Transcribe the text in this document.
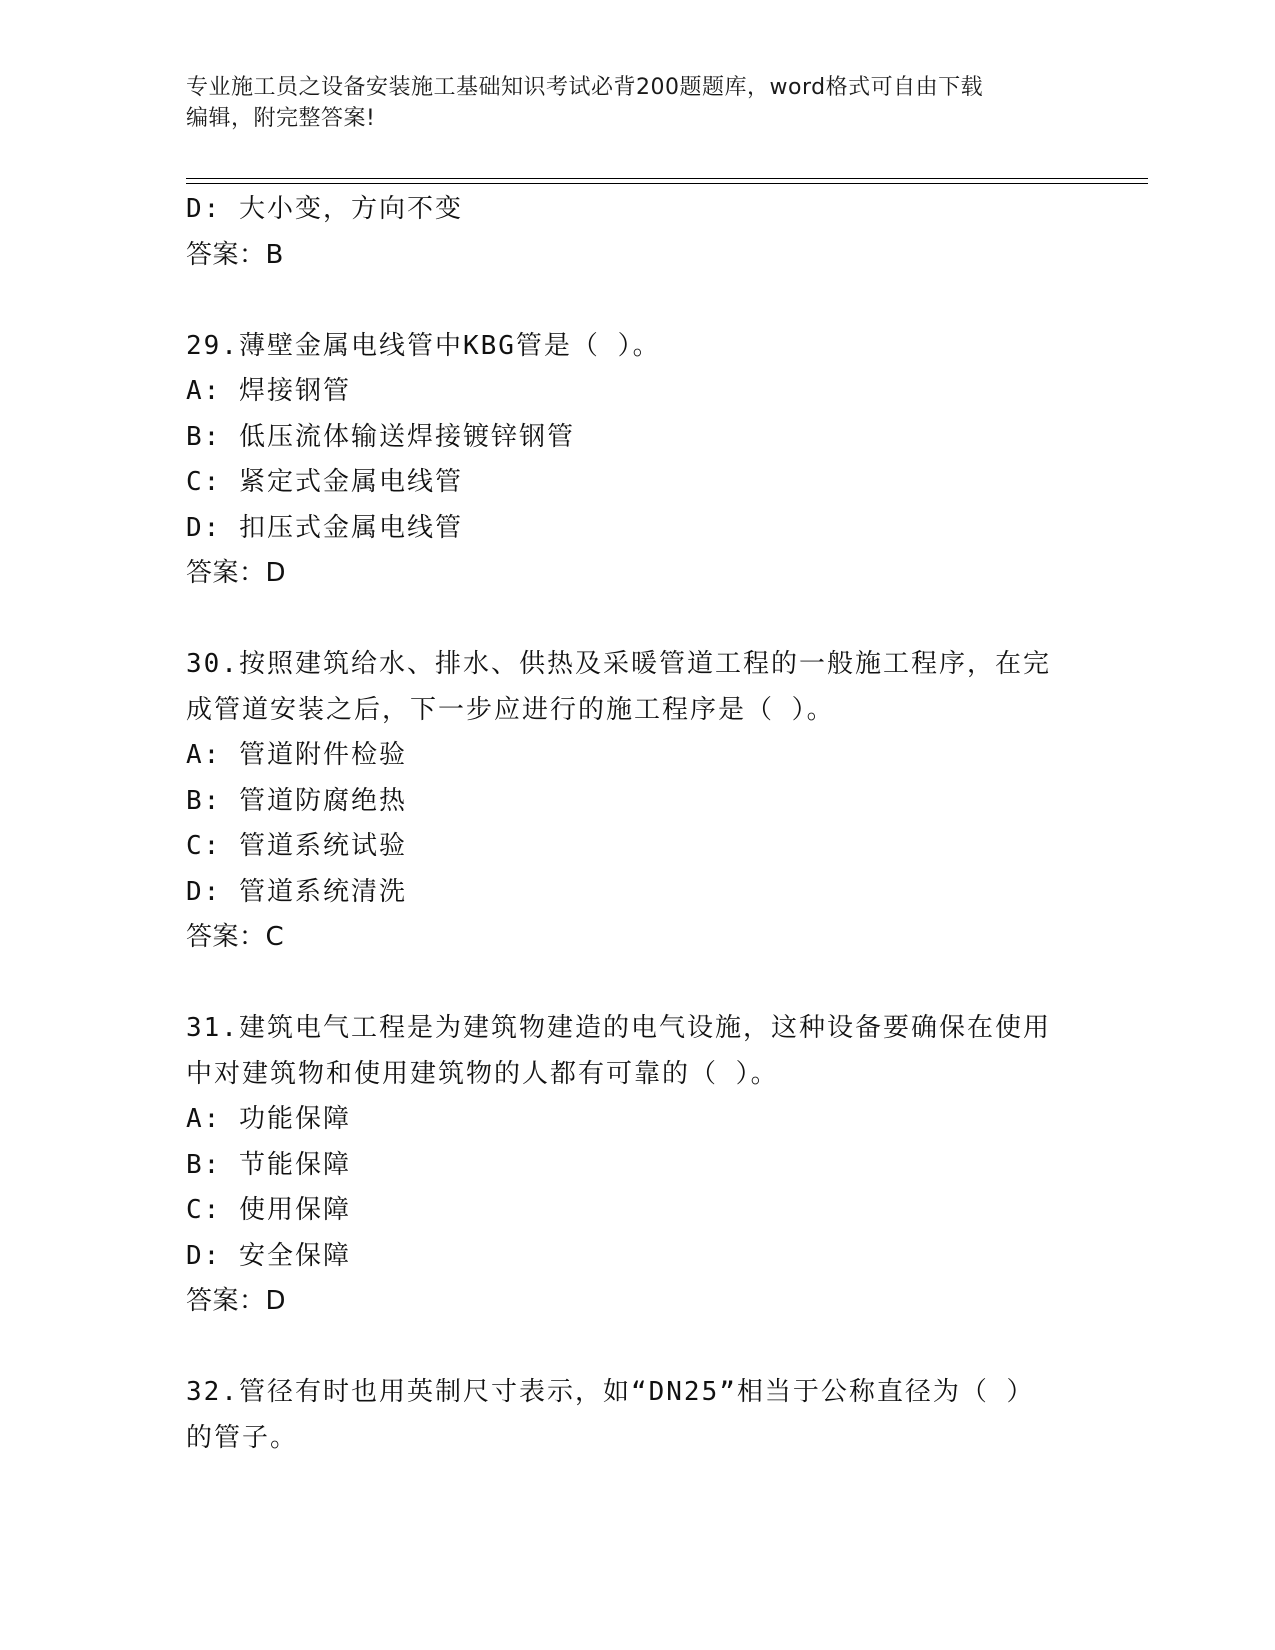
专业施工员之设备安装施工基础知识考试必背200题题库，word格式可自由下载
编辑，附完整答案!
D: 大小变，方向不变
答案：B
29.薄壁金属电线管中KBG管是（ ）。
A: 焊接钢管
B: 低压流体输送焊接镀锌钢管
C: 紧定式金属电线管
D: 扣压式金属电线管
答案：D
30.按照建筑给水、排水、供热及采暖管道工程的一般施工程序，在完
成管道安装之后，下一步应进行的施工程序是（ ）。
A: 管道附件检验
B: 管道防腐绝热
C: 管道系统试验
D: 管道系统清洗
答案：C
31.建筑电气工程是为建筑物建造的电气设施，这种设备要确保在使用
中对建筑物和使用建筑物的人都有可靠的（ ）。
A: 功能保障
B: 节能保障
C: 使用保障
D: 安全保障
答案：D
32.管径有时也用英制尺寸表示，如“DN25”相当于公称直径为（ ）
的管子。
